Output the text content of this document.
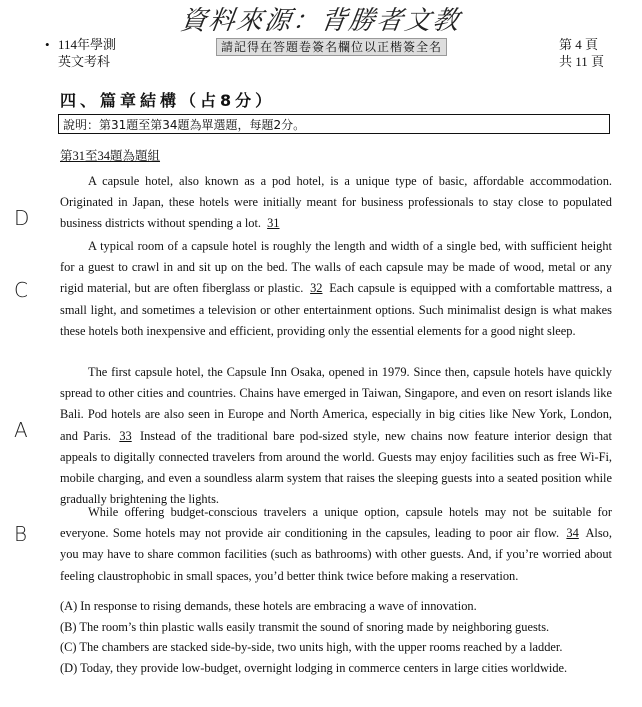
資料來源：背勝者文教
• 114年學測
英文考科
請記得在答題卷簽名欄位以正楷簽全名	第 4 頁
共 11 頁
四、篇章結構（占8分）
說明：第31題至第34題為單選題，每題2分。
第31至34題為題組
A capsule hotel, also known as a pod hotel, is a unique type of basic, affordable accommodation. Originated in Japan, these hotels were initially meant for business professionals to stay close to populated business districts without spending a lot. 31
A typical room of a capsule hotel is roughly the length and width of a single bed, with sufficient height for a guest to crawl in and sit up on the bed. The walls of each capsule may be made of wood, metal or any rigid material, but are often fiberglass or plastic. 32 Each capsule is equipped with a comfortable mattress, a small light, and sometimes a television or other entertainment options. Such minimalist design is what makes these hotels both inexpensive and efficient, providing only the essential elements for a good night sleep.
The first capsule hotel, the Capsule Inn Osaka, opened in 1979. Since then, capsule hotels have quickly spread to other cities and countries. Chains have emerged in Taiwan, Singapore, and even on resort islands like Bali. Pod hotels are also seen in Europe and North America, especially in big cities like New York, London, and Paris. 33 Instead of the traditional bare pod-sized style, new chains now feature interior design that appeals to digitally connected travelers from around the world. Guests may enjoy facilities such as free Wi-Fi, mobile charging, and even a soundless alarm system that raises the sleeping guests into a seated position while gradually brightening the lights.
While offering budget-conscious travelers a unique option, capsule hotels may not be suitable for everyone. Some hotels may not provide air conditioning in the capsules, leading to poor air flow. 34 Also, you may have to share common facilities (such as bathrooms) with other guests. And, if you’re worried about feeling claustrophobic in small spaces, you’d better think twice before making a reservation.
D
C
A
B
(A) In response to rising demands, these hotels are embracing a wave of innovation.
(B) The room’s thin plastic walls easily transmit the sound of snoring made by neighboring guests.
(C) The chambers are stacked side-by-side, two units high, with the upper rooms reached by a ladder.
(D) Today, they provide low-budget, overnight lodging in commerce centers in large cities worldwide.
